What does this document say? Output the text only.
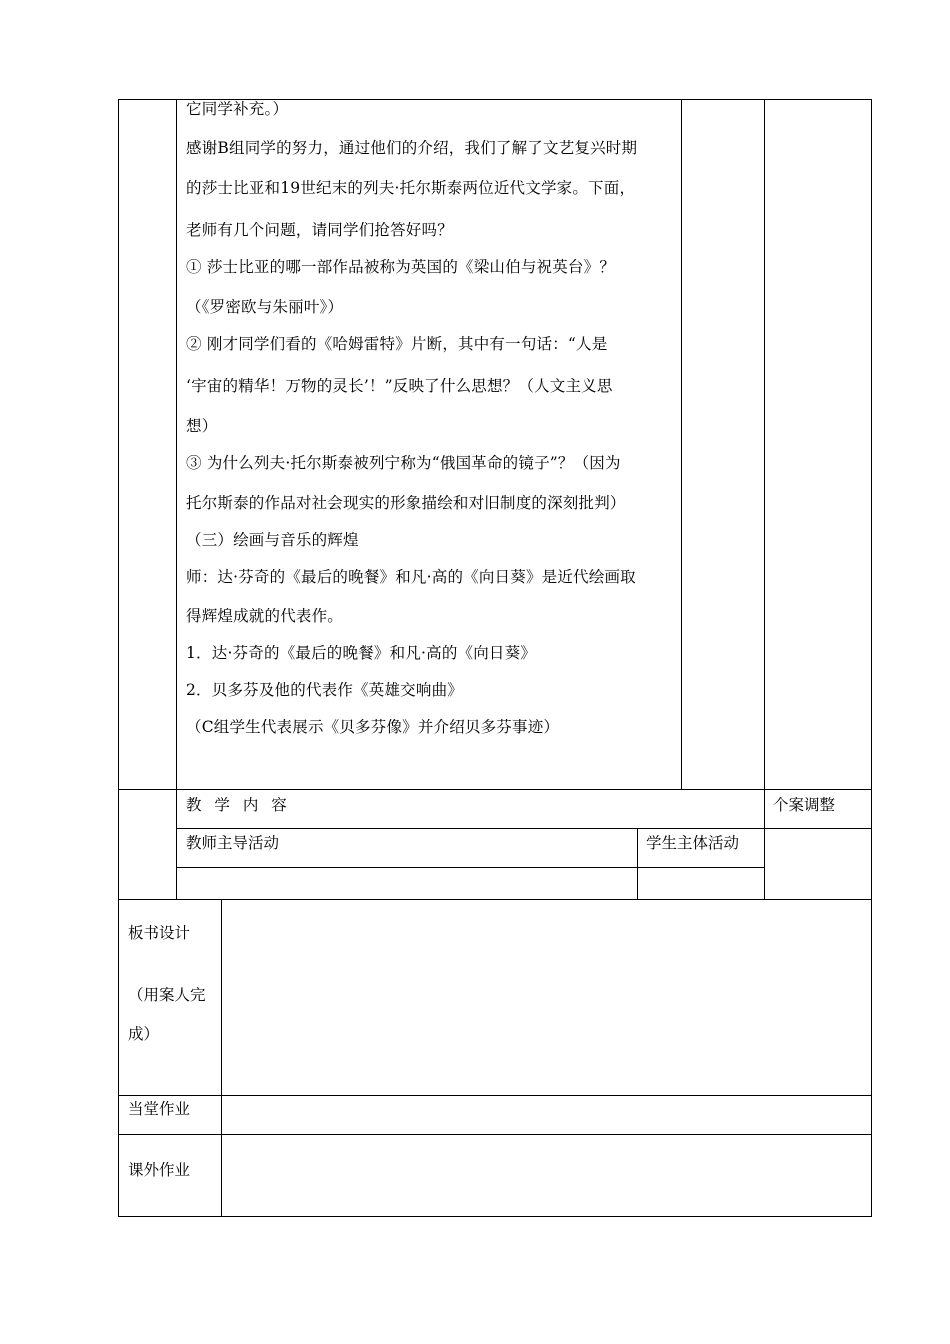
它同学补充。）
感谢B组同学的努力，通过他们的介绍，我们了解了文艺复兴时期
的莎士比亚和19世纪末的列夫·托尔斯泰两位近代文学家。下面，
老师有几个问题，请同学们抢答好吗？
① 莎士比亚的哪一部作品被称为英国的《梁山伯与祝英台》？
（《罗密欧与朱丽叶》）
② 刚才同学们看的《哈姆雷特》片断，其中有一句话：“人是
‘宇宙的精华！万物的灵长’！”反映了什么思想？（人文主义思
想）
③ 为什么列夫·托尔斯泰被列宁称为“俄国革命的镜子”？（因为
托尔斯泰的作品对社会现实的形象描绘和对旧制度的深刻批判）
（三）绘画与音乐的辉煌
师：达·芬奇的《最后的晚餐》和凡·高的《向日葵》是近代绘画取
得辉煌成就的代表作。
1．达·芬奇的《最后的晚餐》和凡·高的《向日葵》
2．贝多芬及他的代表作《英雄交响曲》
（C组学生代表展示《贝多芬像》并介绍贝多芬事迹）
教 学 内 容	个案调整
教师主导活动	学生主体活动
板书设计
（用案人完
成）
当堂作业
课外作业
